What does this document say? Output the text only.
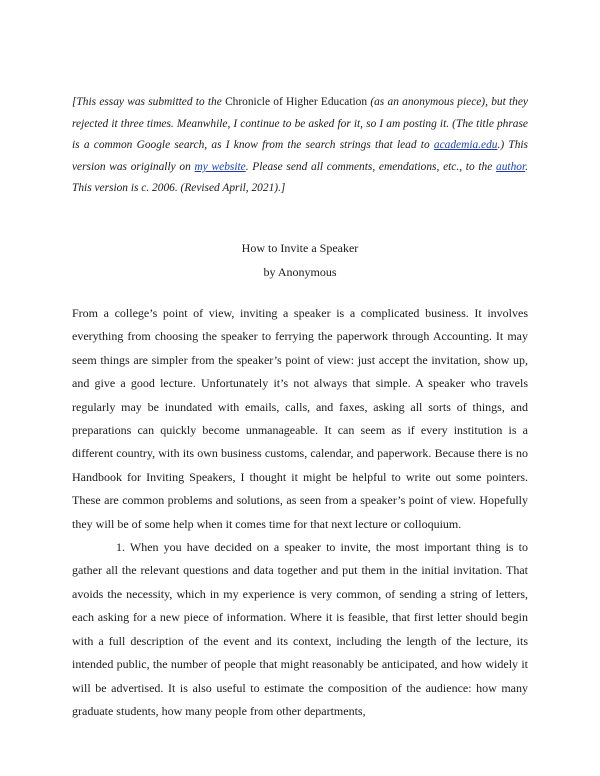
[This essay was submitted to the Chronicle of Higher Education (as an anonymous piece), but they rejected it three times. Meanwhile, I continue to be asked for it, so I am posting it. (The title phrase is a common Google search, as I know from the search strings that lead to academia.edu.) This version was originally on my website. Please send all comments, emendations, etc., to the author. This version is c. 2006. (Revised April, 2021).]

How to Invite a Speaker
by Anonymous

From a college’s point of view, inviting a speaker is a complicated business. It involves everything from choosing the speaker to ferrying the paperwork through Accounting. It may seem things are simpler from the speaker’s point of view: just accept the invitation, show up, and give a good lecture. Unfortunately it’s not always that simple. A speaker who travels regularly may be inundated with emails, calls, and faxes, asking all sorts of things, and preparations can quickly become unmanageable. It can seem as if every institution is a different country, with its own business customs, calendar, and paperwork. Because there is no Handbook for Inviting Speakers, I thought it might be helpful to write out some pointers. These are common problems and solutions, as seen from a speaker’s point of view. Hopefully they will be of some help when it comes time for that next lecture or colloquium.

1. When you have decided on a speaker to invite, the most important thing is to gather all the relevant questions and data together and put them in the initial invitation. That avoids the necessity, which in my experience is very common, of sending a string of letters, each asking for a new piece of information. Where it is feasible, that first letter should begin with a full description of the event and its context, including the length of the lecture, its intended public, the number of people that might reasonably be anticipated, and how widely it will be advertised. It is also useful to estimate the composition of the audience: how many graduate students, how many people from other departments,
